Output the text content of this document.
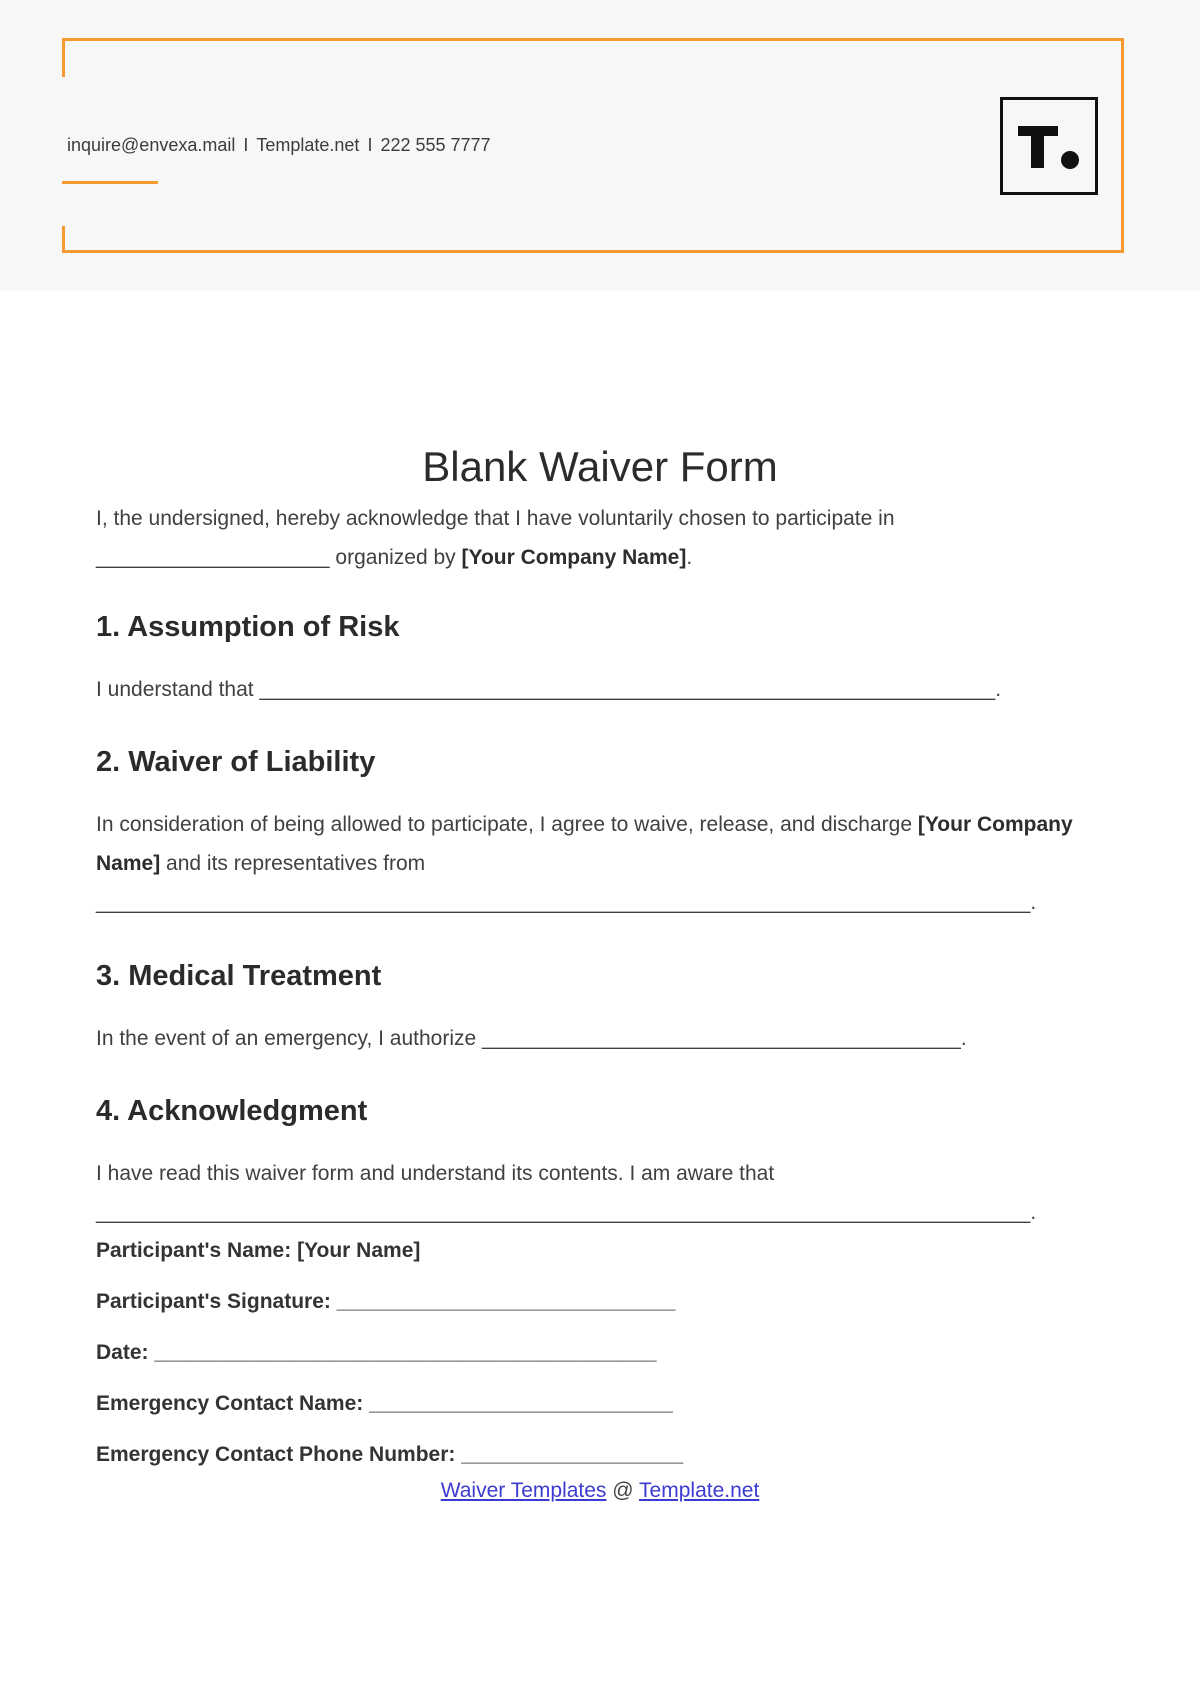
inquire@envexa.mail I Template.net I 222 555 7777
Blank Waiver Form

I, the undersigned, hereby acknowledge that I have voluntarily chosen to participate in
____________________ organized by [Your Company Name].

1. Assumption of Risk

I understand that _______________________________________________________________.

2. Waiver of Liability

In consideration of being allowed to participate, I agree to waive, release, and discharge [Your Company Name] and its representatives from
________________________________________________________________________________.

3. Medical Treatment

In the event of an emergency, I authorize _________________________________________.

4. Acknowledgment

I have read this waiver form and understand its contents. I am aware that
________________________________________________________________________________.

Participant's Name: [Your Name]

Participant's Signature: _____________________________

Date: ___________________________________________

Emergency Contact Name: __________________________

Emergency Contact Phone Number: ___________________

Waiver Templates @ Template.net
